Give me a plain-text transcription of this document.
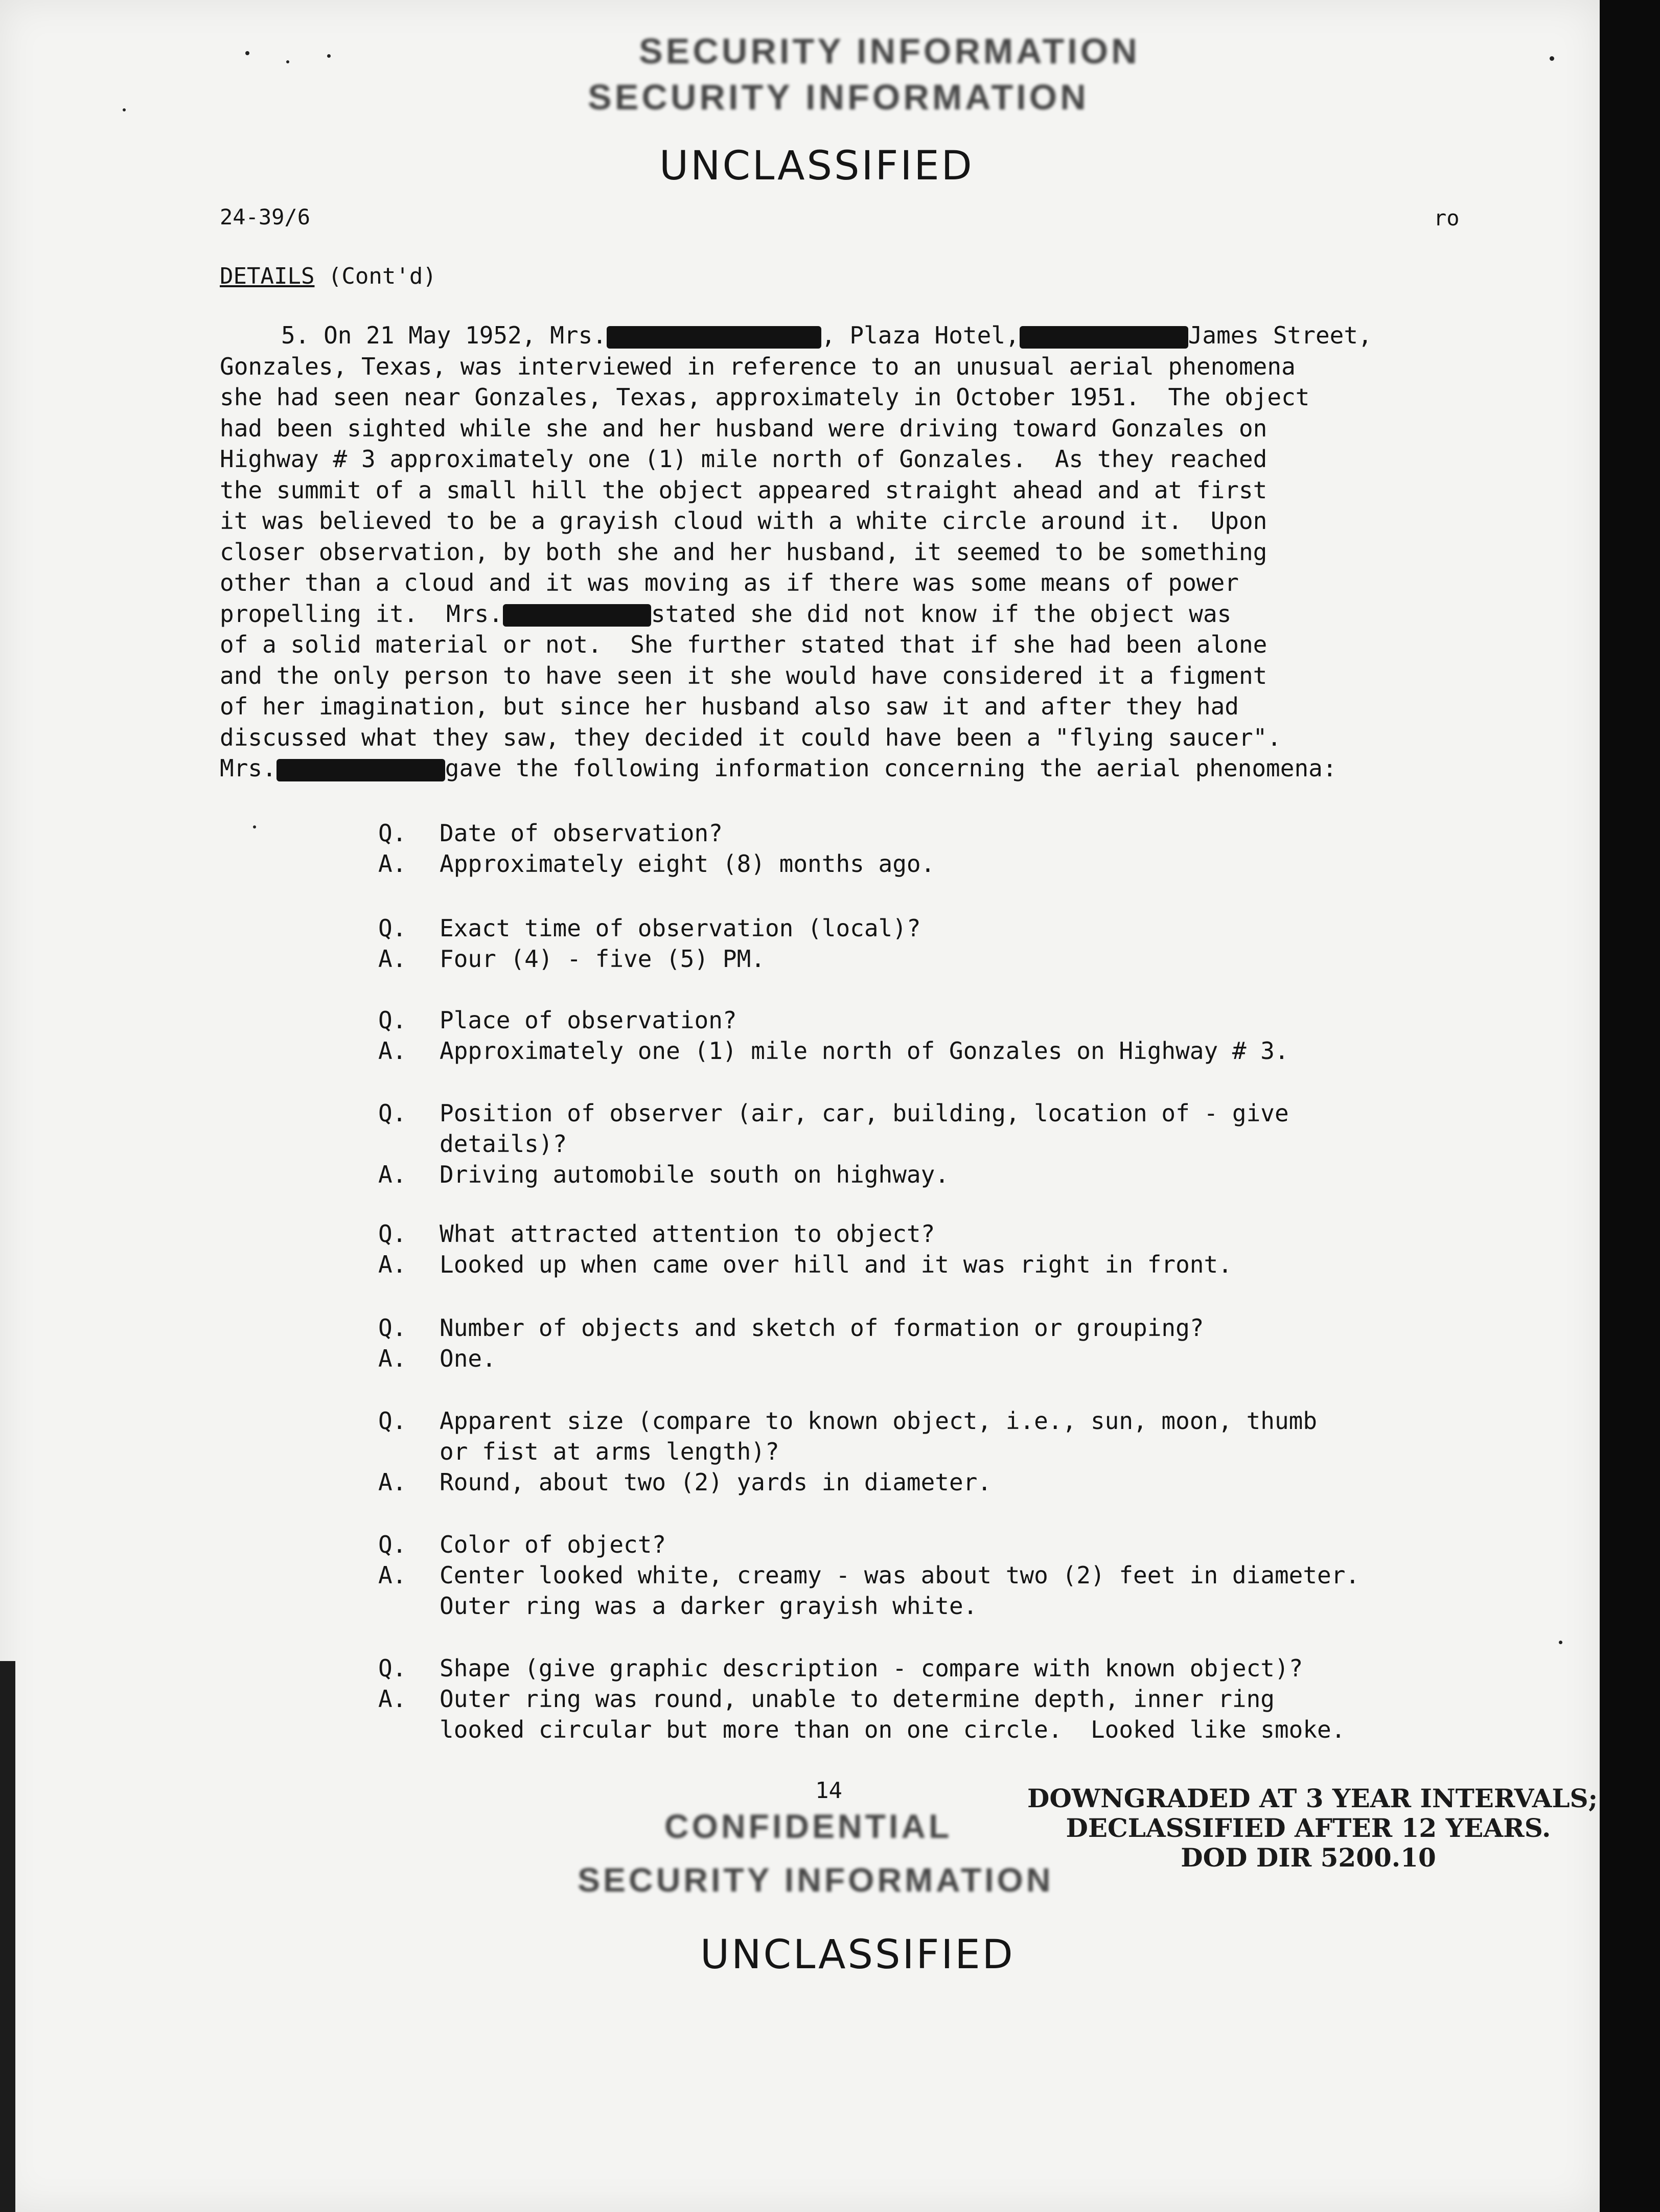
SECURITY INFORMATION
SECURITY INFORMATION
UNCLASSIFIED
24-39/6	ro
DETAILS (Cont'd)
5. On 21 May 1952, Mrs.	, Plaza Hotel,	James Street,
Gonzales, Texas, was interviewed in reference to an unusual aerial phenomena
she had seen near Gonzales, Texas, approximately in October 1951.  The object
had been sighted while she and her husband were driving toward Gonzales on
Highway # 3 approximately one (1) mile north of Gonzales.  As they reached
the summit of a small hill the object appeared straight ahead and at first
it was believed to be a grayish cloud with a white circle around it.  Upon
closer observation, by both she and her husband, it seemed to be something
other than a cloud and it was moving as if there was some means of power
propelling it.  Mrs.	stated she did not know if the object was
of a solid material or not.  She further stated that if she had been alone
and the only person to have seen it she would have considered it a figment
of her imagination, but since her husband also saw it and after they had
discussed what they saw, they decided it could have been a "flying saucer".
Mrs.	gave the following information concerning the aerial phenomena:
Q.	Date of observation?
A.	Approximately eight (8) months ago.
Q.	Exact time of observation (local)?
A.	Four (4) - five (5) PM.
Q.	Place of observation?
A.	Approximately one (1) mile north of Gonzales on Highway # 3.
Q.	Position of observer (air, car, building, location of - give
details)?
A.	Driving automobile south on highway.
Q.	What attracted attention to object?
A.	Looked up when came over hill and it was right in front.
Q.	Number of objects and sketch of formation or grouping?
A.	One.
Q.	Apparent size (compare to known object, i.e., sun, moon, thumb
or fist at arms length)?
A.	Round, about two (2) yards in diameter.
Q.	Color of object?
A.	Center looked white, creamy - was about two (2) feet in diameter.
Outer ring was a darker grayish white.
Q.	Shape (give graphic description - compare with known object)?
A.	Outer ring was round, unable to determine depth, inner ring
looked circular but more than on one circle.  Looked like smoke.
14
CONFIDENTIAL
SECURITY INFORMATION
DOWNGRADED AT 3 YEAR INTERVALS;
DECLASSIFIED AFTER 12 YEARS.
DOD DIR 5200.10
UNCLASSIFIED
